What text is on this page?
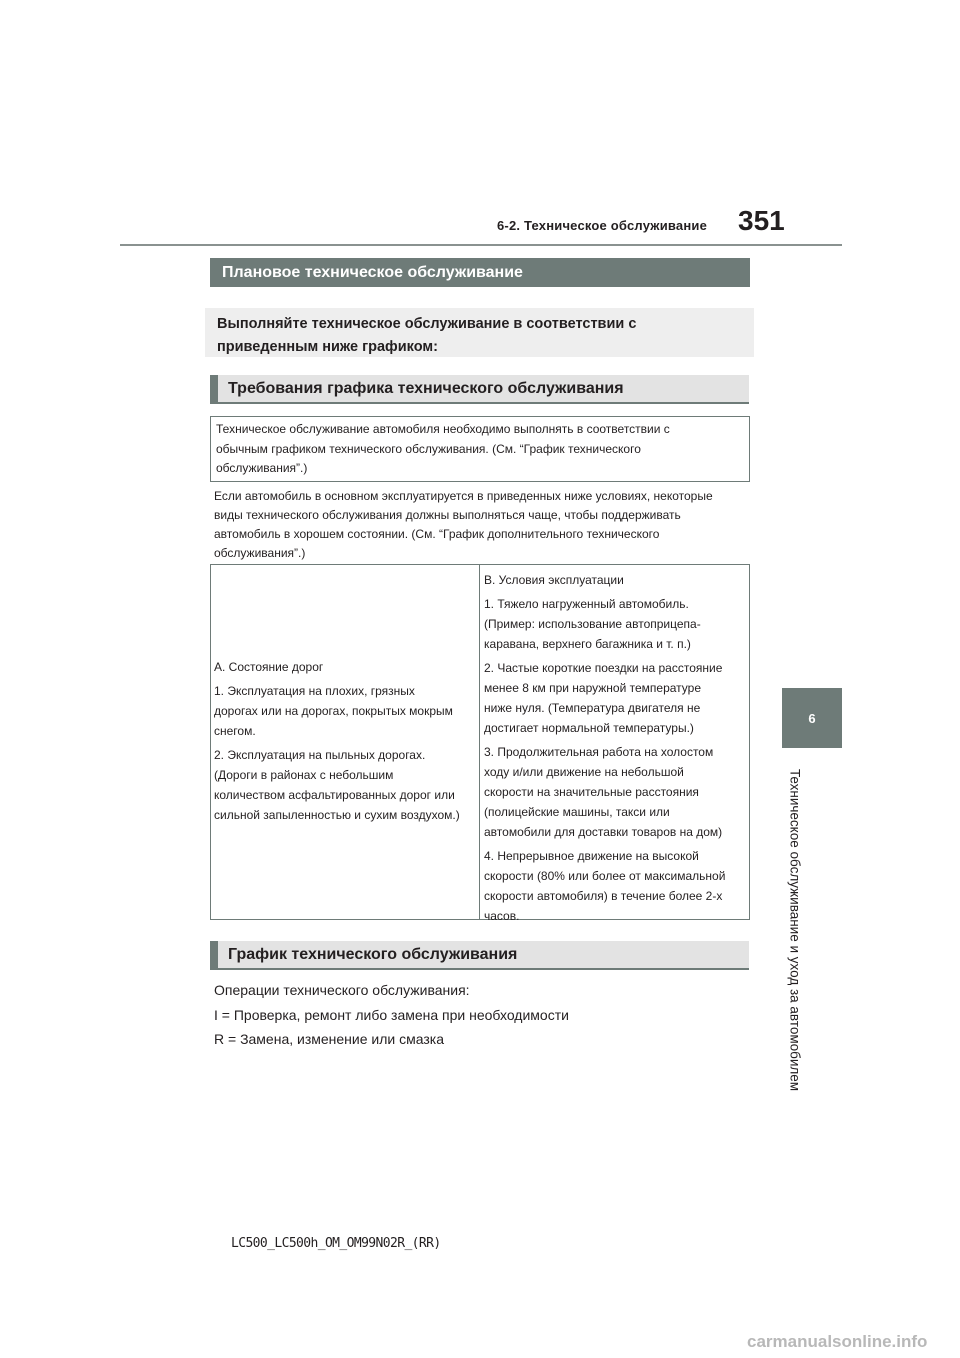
6-2. Техническое обслуживание 351
6
Техническое обслуживание и уход за автомобилем
Плановое техническое обслуживание
Выполняйте техническое обслуживание в соответствии с
приведенным ниже графиком:
Требования графика технического обслуживания
Техническое обслуживание автомобиля необходимо выполнять в соответствии с
обычным графиком технического обслуживания. (См. “График технического
обслуживания”.)
Если автомобиль в основном эксплуатируется в приведенных ниже условиях, некоторые
виды технического обслуживания должны выполняться чаще, чтобы поддерживать
автомобиль в хорошем состоянии. (См. “График дополнительного технического
обслуживания”.)

A. Состояние дорог

1. Эксплуатация на плохих, грязных
дорогах или на дорогах, покрытых мокрым
снегом.

2. Эксплуатация на пыльных дорогах.
(Дороги в районах с небольшим
количеством асфальтированных дорог или
сильной запыленностью и сухим воздухом.)

B. Условия эксплуатации

1. Тяжело нагруженный автомобиль.
(Пример: использование автоприцепа-
каравана, верхнего багажника и т. п.)

2. Частые короткие поездки на расстояние
менее 8 км при наружной температуре
ниже нуля. (Температура двигателя не
достигает нормальной температуры.)

3. Продолжительная работа на холостом
ходу и/или движение на небольшой
скорости на значительные расстояния
(полицейские машины, такси или
автомобили для доставки товаров на дом)

4. Непрерывное движение на высокой
скорости (80% или более от максимальной
скорости автомобиля) в течение более 2-х
часов.

График технического обслуживания
Операции технического обслуживания:
I = Проверка, ремонт либо замена при необходимости
R = Замена, изменение или смазка
LC500_LC500h_OM_OM99N02R_(RR)
carmanualsonline.info
